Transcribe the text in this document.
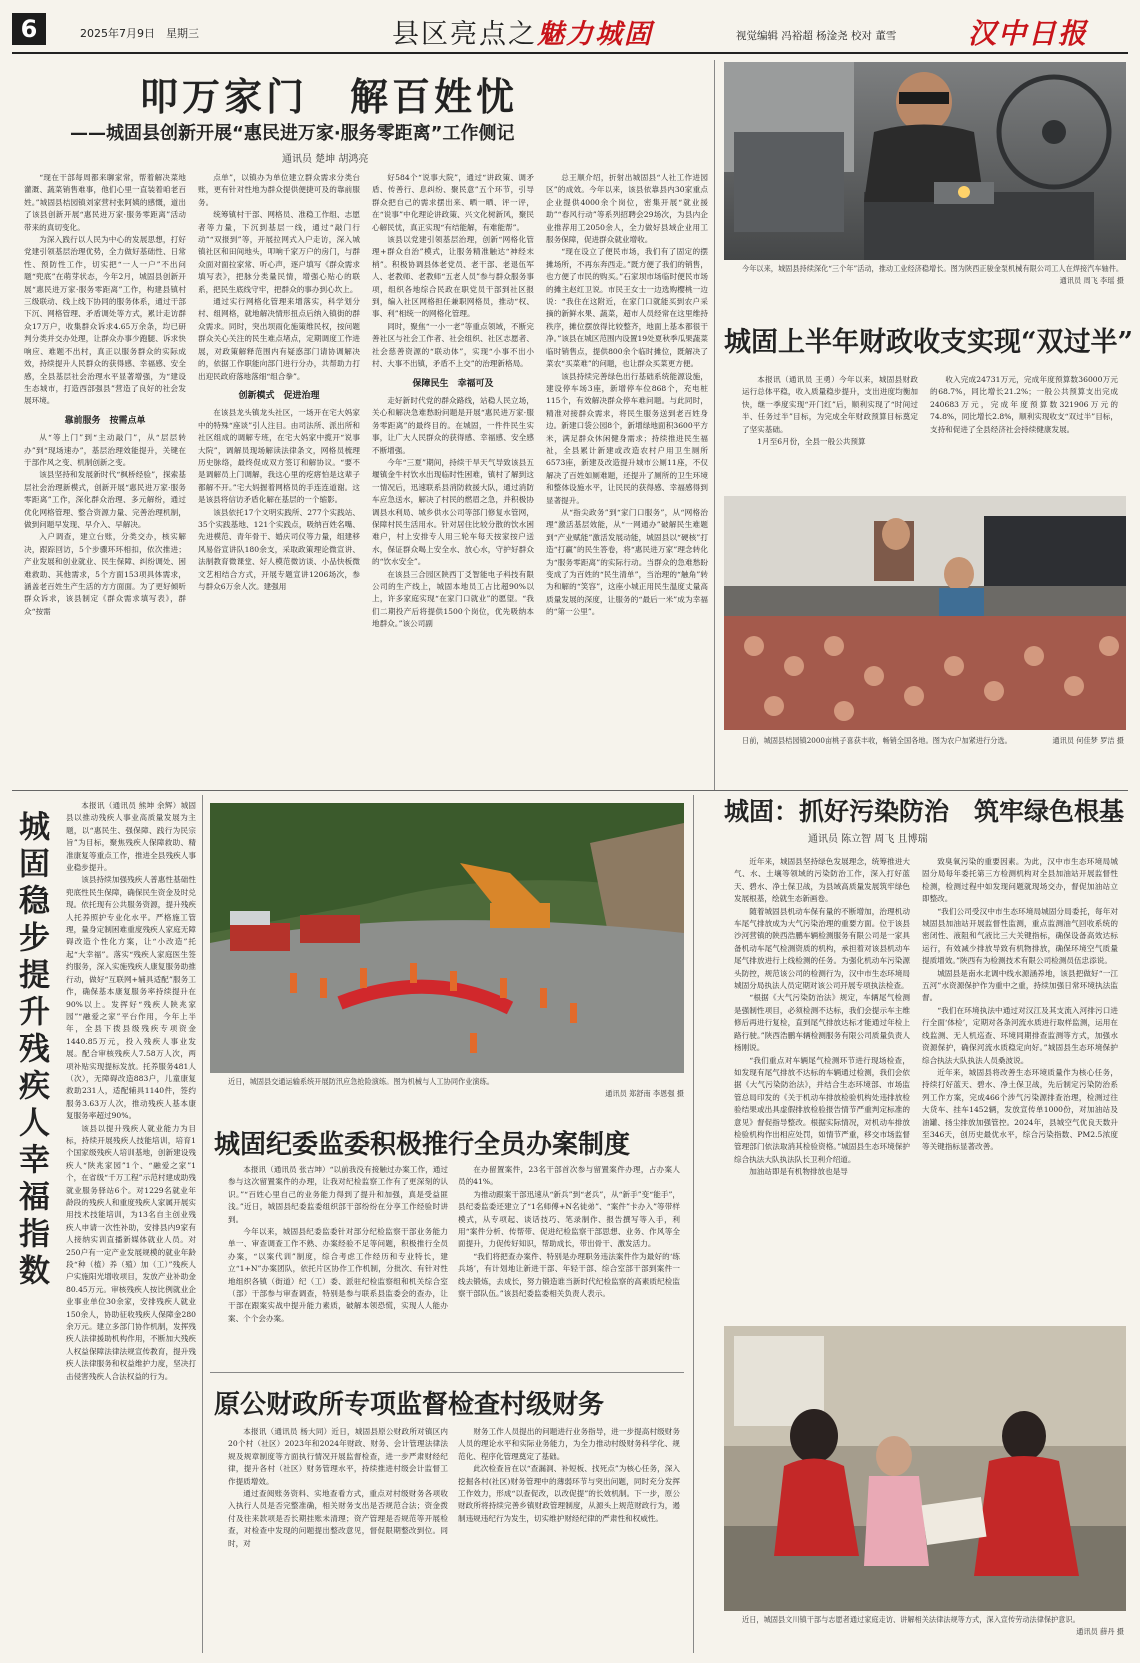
6	2025年7月9日　星期三	县区亮点之魅力城固	视觉编辑 冯裕超 杨淦尧 校对 董雪	汉中日报
叩万家门　解百姓忧
——城固县创新开展“惠民进万家·服务零距离”工作侧记
通讯员 楚坤 胡鸿亮

“现在干部每周都来聊家常，帮着解决菜地灌溉、蔬菜销售难事，他们心里一直装着咱老百姓。”城固县桔园镇刘家营村张阿姨的感慨，道出了该县创新开展“惠民进万家·服务零距离”活动带来的真切变化。

为深入践行以人民为中心的发展思想，打好党建引领基层治理优势，全力做好基础性、日常性、预防性工作，切实把“一人一户”不出问题“兜底”在萌芽状态，今年2月，城固县创新开展“惠民进万家·服务零距离”工作，构建县镇村三级联动、线上线下协同的服务体系，通过干部下沉、网格管理、矛盾调处等方式，累计走访群众17万户，收集群众诉求4.65万余条，均已研判分类并交办处理，让群众办事少跑腿、诉求快响应、难题不出村，真正以服务群众的实际成效，持续提升人民群众的获得感、幸福感、安全感，全县基层社会治理水平显著增强，为“建设生态城市，打造西部强县”营造了良好的社会发展环境。

靠前服务　按需点单

从“等上门”到“主动敲门”，从“层层转办”到“现场速办”，基层治理效能提升，关键在于部作风之变、机制创新之变。

该县坚持和发展新时代“枫桥经验”，探索基层社会治理新模式，创新开展“惠民进万家·服务零距离”工作，深化群众治理、多元解纷，通过优化网格管理、整合资源力量、完善治理机制，做到问题早发现、早介入、早解决。

入户调查，建立台账，分类交办，核实解决，跟踪回访，5个步骤环环相扣，依次推进；产业发展和创业就业、民生保障、纠纷调处、困难救助、其他需求，5个方面153项具体需求，涵盖老百姓生产生活的方方面面。为了更好倾听群众诉求，该县制定《群众需求填写表》，群众“按需

点单”，以镇办为单位建立群众需求分类台账，更有针对性地为群众提供便捷可及的靠前服务。

统筹镇村干部、网格员、准稳工作组、志愿者等力量，下沉到基层一线，通过“敲门行动”“双报到”等，开展拉网式入户走访，深入城镇社区和田间地头，叩响千家万户的房门，与群众面对面拉家常、听心声，逐户填写《群众需求填写表》，把脉分类量民情，增强心贴心的联系，把民生底线守牢，把群众的事办到心坎上。

通过实行网格化管理来增落实，科学划分村、组网格，就地解决情形扭点后纳入镇街的群众需求。同时，突出坝雨化施策维民权，按问题群众关心关注的民生难点堵点，定期调度工作进展，对政策解释范围内有疑惑部门请协调解决的，依据工作职能向部门进行分办，共帮助力打出迎民政府落地落细“组合拳”。

创新模式　促进治理

在该县龙头镇龙头社区，一场开在宅大妈家中的特殊“座谈”引人注目。由司法所、派出所和社区组成的调解专班，在宅大妈家中揽开“说事大院”，调解员现场解读法律条文，网格员梳理历史脉络，最终促成双方签订和解协议。“要不是调解员上门调解，我这心里的疙瘩怕是这辈子都解不开。”宅大妈握着网格员的手连连道谢。这是该县将信访矛盾化解在基层的一个缩影。

该县依托17个文明实践所、277个实践站、35个实践基地、121个实践点，吸纳百姓名嘴、先进模范、青年骨干、婚庆司仪等力量，组建移风易俗宣讲队180余支，采取政策理论微宣讲、法制教育微课堂、好人模范微访谈、小品快板微文艺相结合方式，开展专题宣讲1206场次，参与群众6万余人次。建强用

好584个“说事大院”，通过“讲政策、调矛盾、传善行、息纠纷、聚民意”五个环节，引导群众把自己的需求摆出来、晒一晒、评一评，在“说事”中化理论讲政策、兴文化树新风，聚民心解民忧，真正实现“有结能解，有难能帮”。

该县以党建引领基层治理，创新“网格化管理+群众自治”模式，让服务精准触达“神经末梢”。积极协调县体老党员、老干部、老退伍军人、老教师、老教师“五老人员”参与群众服务事项，组织各地综合民政在职党员干部到社区报到，编入社区网格担任兼职网格员，推动“权、事、利”相统一的网格化管理。

同时，聚焦“一小一老”等重点领域，不断完善社区与社会工作者、社会组织、社区志愿者、社会慈善资源的“联动体”，实现“小事不出小村、大事不出镇，矛盾不上交”的治理新格局。

保障民生　幸福可及

走好新时代党的群众路线，站稳人民立场，关心和解决急难愁盼问题是开展“惠民进万家·服务零距离”的最终目的。在城固，一件件民生实事，让广大人民群众的获得感、幸福感、安全感不断增强。

今年“三夏”期间，持续干旱天气导致该县五堰镇金牛村饮水出现临时性困难，镇村了解到这一情况后，迅速联系县消防救援大队，通过消防车应急送水，解决了村民的燃眉之急，并积极协调县水利局、城乡供水公司等部门修复水管网，保障村民生活用水。针对居住比较分散的饮水困难户，村上安排专人用三轮车每天按家按户送水，保证群众喝上安全水、放心水，守护好群众的“饮水安全”。

在该县三合园区陕西丁爻智能电子科技有限公司的生产线上，城固本地员工占比超90%以上，许多家庭实现“在家门口就业”的愿望。“我们二期投产后将提供1500个岗位，优先吸纳本地群众。”该公司副

总王顺介绍，折射出城固县“人社工作进园区”的成效。今年以来，该县依靠县内30家重点企业提供4000余个岗位，密集开展“就业援助”“春风行动”等系列招聘会29场次，为县内企业推荐用工2050余人，全力做好县域企业用工服务保障，促进群众就业增收。

“现在设立了便民市场，我们有了固定的摆摊场所，不再东奔西走。”既方便了我们的销售，也方便了市民的购买。”石家坝市场临时便民市场的摊主赵红卫说。市民王女士一边选购樱桃一边说：“我住在这附近，在家门口就能买到农户采摘的新鲜水果、蔬菜，超市人员经常在这里维持秩序，摊位摆放得比较整齐，地面上基本都很干净。”该县在城区范围内设置19处夏秋季瓜果蔬菜临时销售点，提供800余个临时摊位，既解决了菜农“买菜难”的问题，也让群众买菜更方便。

该县持续完善绿色出行基础系统能源设施，建设停车场3座，新增停车位868个，充电桩115个，有效解决群众停车难问题。与此同时，精准对接群众需求，将民生服务送到老百姓身边。新建口袋公园8个，新增绿地面积3600平方米，满足群众休闲健身需求；持续推进民生福祉，全县累计新建或改造农村户用卫生厕所6573座，新建及改造提升城市公厕11座，不仅解决了百姓如厕难题，还提升了厕所的卫生环境和整体设施水平，让民民的获得感、幸福感得到显著提升。

从“指尖政务”到“家门口服务”，从“网格治理”激活基层效能，从“一网通办”破解民生难题到“产业赋能”激活发展动能，城固县以“硬核”打造“打赢”的民生答卷，将“惠民进万家”理念转化为“服务零距离”的实际行动。当群众的急难愁盼变成了为百姓的“民生清单”，当治理的“触角”转为和解的“笑容”，这座小城正用民生温度丈量高质量发展的深度，让服务的“最后一米”成为幸福的“第一公里”。

今年以来，城固县持续深化“三个年”活动，推动工业经济稳增长。图为陕西正骏金泵机械有限公司工人在焊接汽车轴件。
通讯员 周飞 李瑶 摄
城固上半年财政收支实现“双过半”

本报讯（通讯员 王勇）今年以来，城固县财政运行总体平稳，收入质量稳步提升，支出进度均衡加快，继一季度实现“开门红”后，顺利实现了“时间过半、任务过半”目标，为完成全年财政预算目标奠定了坚实基础。

1月至6月份，全县一般公共预算

收入完成24731万元，完成年度预算数36000万元的68.7%，同比增长21.2%；一般公共预算支出完成240683万元，完成年度预算数321906万元的74.8%，同比增长2.8%，顺利实现收支“双过半”目标，支持和促进了全县经济社会持续健康发展。

日前，城固县桔园镇2000亩桃子喜获丰收，畅销全国各地。图为农户加紧进行分选。	通讯员 何佳梦 罗洁 摄
城固稳步提升残疾人幸福指数

本报讯（通讯员 熊坤 余辉）城固县以推动残疾人事业高质量发展为主题，以“惠民生、强保障、践行为民宗旨”为目标，聚焦残疾人保障救助、精准康复等重点工作，推进全县残疾人事业稳步提升。

该县持续加强残疾人普惠性基础性兜底性民生保障，确保民生资金及时兑现。依托现有公共服务资源，提升残疾人托养照护专业化水平。严格施工管理，量身定制困难重度残疾人家庭无障碍改造个性化方案，让“小改造”托起“大幸福”。落实“残疾人家庭医生签约服务，深入实施残疾人康复服务助推行动，做好“互联网+辅具适配”服务工作，确保基本康复服务率持续提升在90%以上。发挥好“残疾人陕兆家园”“融爱之家”平台作用，今年上半年，全县下拨县级残疾专项资金1440.85万元，投入残疾人事业发展。配合审核残疾人7.58万人次，两项补贴实现提标发放。托养服务481人（次），无障碍改造883户，儿童康复救助231人，适配辅具1140件，签约服务3.63万人次，推动残疾人基本康复服务率超过90%。

该县以提升残疾人就业能力为目标，持续开展残疾人技能培训，培育1个国家级残疾人培训基地，创新建设残疾人“陕兆家园”1个、“融爱之家”1个，在省级“千万工程”示范村建成助残就业服务驿站6个。对1229名就业年龄段的残疾人和重度残疾人家属开展实用技术技能培训，为13名自主创业残疾人申请一次性补助，安排县内9家有人接纳实训直播新媒体就业人员。对250户有一定产业发展规模的就业年龄段“种（植）养（殖）加（工）”残疾人户实施阳光增收项目，发放产业补助金80.45万元。审核残疾人按比例就业企业事业单位30余家，安排残疾人就业150余人，协助征收残疾人保障金280余万元。建立多部门协作机制，发挥残疾人法律援助机构作用，不断加大残疾人权益保障法律法规宣传教育，提升残疾人法律服务和权益维护力度，坚决打击侵害残疾人合法权益的行为。

近日，城固县交通运输系统开展防汛应急抢险演练。图为机械与人工协同作业演练。

通讯员 郑舒南 李恩强 摄
城固纪委监委积极推行全员办案制度

本报讯（通讯员 张吉坤）“以前我没有接触过办案工作，通过参与这次留置案件的办理，让我对纪检监察工作有了更深刻的认识。”“百姓心里自己的业务能力得到了提升和加强，真是受益匪浅。”近日，城固县纪委监委组织部干部纷纷在分享工作经验时讲到。

今年以来，城固县纪委监委针对部分纪检监察干部业务能力单一、审查调查工作不熟、办案经验不足等问题，积极推行全员办案，“以案代训”制度，综合考虑工作经历和专业特长，建立“1+N”办案团队，依托片区协作工作机制，分批次、有针对性地组织各镇（街道）纪（工）委、派驻纪检监察组和机关综合室（部）干部参与审查调查，特别是参与联系县监委会的查办，让干部在跟案实战中提升能力素质，破解本领恐慌，实现人人能办案、个个会办案。

在办留置案件，23名干部首次参与留置案件办理，占办案人员的41%。

为推动跟案干部迅速从“新兵”到“老兵”，从“新手”变“能手”，县纪委监委还建立了“1名师傅+N名徒弟”、“案件”卡办入”等带样模式，从专项起、谈话技巧、笔录制作、报告撰写等入手，利用“案件分析、传帮带、促进纪检监察干部思想、业务、作风等全面提升，力促传好知识，帮助成长，带出骨干、激发活力。

“我们将把查办案件、特别是办理职务违法案件作为最好的‘练兵场’，有计划地让新进干部、年轻干部、综合室部干部到案件一线去锻炼，去成长，努力锻造谁当新时代纪检监察的高素质纪检监察干部队伍。”该县纪委监委相关负责人表示。

原公财政所专项监督检查村级财务

本报讯（通讯员 杨大同）近日，城固县原公财政所对镇区内20个村（社区）2023年和2024年财政、财务、会计管理法律法规及规章制度等方面执行情况开展监督检查，进一步严肃财经纪律，提升各村（社区）财务管理水平，持续推进村级会计监督工作提质增效。

通过查阅账务资料、实地查看方式，重点对村级财务各项收入执行人员是否完整准确，相关财务支出是否规范合法；资金拨付及往来款项是否长期挂账未清理；资产管理是否规范等开展检查，对检查中发现的问题提出整改意见，督促限期整改到位。同时，对

财务工作人员提出的问题进行业务指导，进一步提高村级财务人员的理论水平和实际业务能力，为全力推动村级财务科学化、规范化、程序化管理奠定了基础。

此次检查旨在以“查漏洞、补短板、找死点”为核心任务，深入挖掘各村(社区)财务管理中的薄弱环节与突出问题，同时充分发挥工作效力，形成“以查促改，以改促提”的长效机制。下一步，原公财政所将持续完善乡镇财政管理制度，从源头上规范财政行为，遏制违规违纪行为发生，切实维护财经纪律的严肃性和权威性。

城固：抓好污染防治　筑牢绿色根基
通讯员 陈立智 周飞 且博瑞

近年来，城固县坚持绿色发展理念，统筹推进大气、水、土壤等领域的污染防治工作，深入打好蓝天、碧水、净土保卫战，为县域高质量发展筑牢绿色发展根基，绘就生态新画卷。

随着城固县机动车保有量的不断增加，治理机动车尾气排放成为大气污染治理的重要方面。位于该县沙河营镇的陕西浩鹏车辆检测服务有限公司是一家具备机动车尾气检测资质的机构，承担着对该县机动车尾气排放进行上线检测的任务。为强化机动车污染源头防控，规范该公司的检测行为，汉中市生态环境局城固分局执法人员定期对该公司开展专项执法检查。

“根据《大气污染防治法》规定，车辆尾气检测是强制性项目，必须检测不达标，我们会提示车主维修后再进行复检，直到尾气排放达标才能通过年检上路行驶。”陕西浩鹏车辆检测服务有限公司质量负责人杨刚说。

“我们重点对车辆尾气检测环节进行现场检查，如发现有尾气排放不达标的车辆通过检测，我们会依据《大气污染防治法》，并结合生态环境部、市场监管总局印发的《关于机动车排放检验机构处违排放检验结果或出具虚假排放检验报告情节严重判定标准的意见》督促指导整改。根据实际情况，对机动车排放检验机构作出相应处罚，如情节严重，移交市场监督管理部门依法取消其检验资格。”城固县生态环境保护综合执法大队执法队长卫利介绍道。

加油站即是有机物排放也是导

致臭氧污染的重要因素。为此，汉中市生态环境局城固分局每年委托第三方检测机构对全县加油站开展监督性检测，检测过程中如发现问题就现场交办，督促加油站立即整改。

“我们公司受汉中市生态环境局城固分局委托，每年对城固县加油站开展监督性监测，重点监测油气回收系统的密闭性、液阻和气液比三大关键指标，确保设备高效达标运行，有效减少排放导致有机物排放，确保环境空气质量提质增效。”陕西有为检测技术有限公司检测员伍忠添说。

城固县是南水北调中线水源涵养地，该县把做好“一江五河”水资源保护作为重中之重，持续加强日常环境执法监督。

“我们在环境执法中通过对汉江及其支流入河排污口进行全面‘体检’，定期对各条河流水质进行取样监测，运用在线监测、无人机巡查、环境同期排查监测等方式，加强水资源保护，确保河流水质稳定向好。”城固县生态环境保护综合执法大队执法人员桑波说。

近年来，城固县将改善生态环境质量作为核心任务，持续打好蓝天、碧水、净土保卫战，先后制定污染防治系列工作方案，完成466个涉气污染源排查治理，检测过往大货车、挂车1452辆，发放宣传单1000份，对加油站及油罐、扬尘排放加强管控。2024年，县城空气优良天数升至346天，创历史最优水平，综合污染指数、PM2.5浓度等关键指标显著改善。

近日，城固县文川镇干部与志愿者通过家庭走访、讲解相关法律法规等方式，深入宣传劳动法律保护意识。
通讯员 薛丹 摄
